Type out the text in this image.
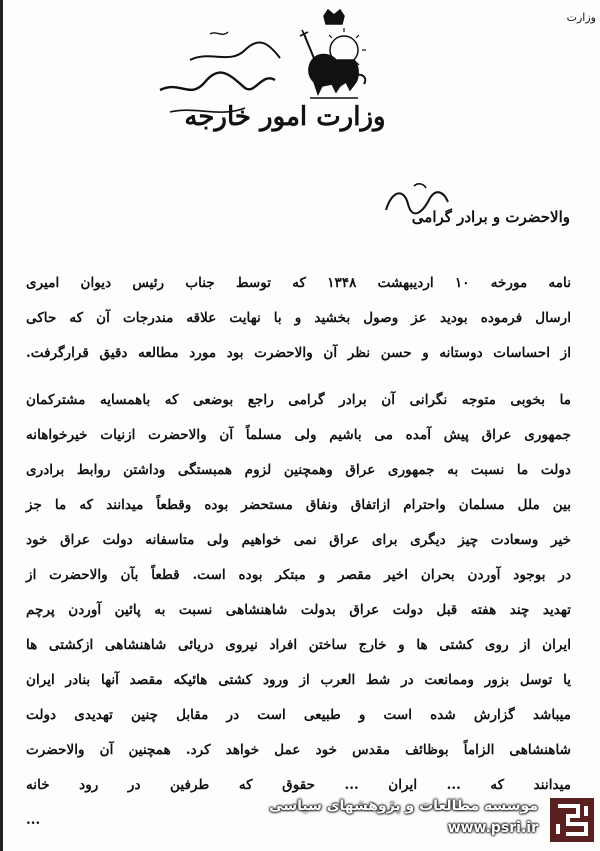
وزارت
وزارت امور خارجه
والاحضرت و برادر گرامی
نامه مورخه ۱۰ اردیبهشت ۱۳۴۸ که توسط جناب رئیس دیوان امیری
ارسال فرموده بودید عز وصول بخشید و با نهایت علاقه مندرجات آن که حاکی
از احساسات دوستانه و حسن نظر آن والاحضرت بود مورد مطالعه دقیق قرارگرفت.
ما بخوبی متوجه نگرانی آن برادر گرامی راجع بوضعی که باهمسایه مشترکمان
جمهوری عراق پیش آمده می باشیم ولی مسلماً آن والاحضرت ازنیات خیرخواهانه
دولت ما نسبت به جمهوری عراق وهمچنین لزوم همبستگی وداشتن روابط برادری
بین ملل مسلمان واحترام ازاتفاق ونفاق مستحضر بوده وقطعاً میدانند که ما جز
خیر وسعادت چیز دیگری برای عراق نمی خواهیم ولی متاسفانه دولت عراق خود
در بوجود آوردن بحران اخیر مقصر و مبتکر بوده است. قطعاً بآن والاحضرت از
تهدید چند هفته قبل دولت عراق بدولت شاهنشاهی نسبت به پائین آوردن پرچم
ایران از روی کشتی ها و خارج ساختن افراد نیروی دریائی شاهنشاهی ازکشتی ها
یا توسل بزور وممانعت در شط العرب از ورود کشتی هائیکه مقصد آنها بنادر ایران
میباشد گزارش شده است و طبیعی است در مقابل چنین تهدیدی دولت
شاهنشاهی الزاماً بوظائف مقدس خود عمل خواهد کرد. همچنین آن والاحضرت
میدانند که ... ایران ... حقوق که طرفین در رود خانه
...
موسسه مطالعات و پژوهشهای سیاسی
www.psri.ir
